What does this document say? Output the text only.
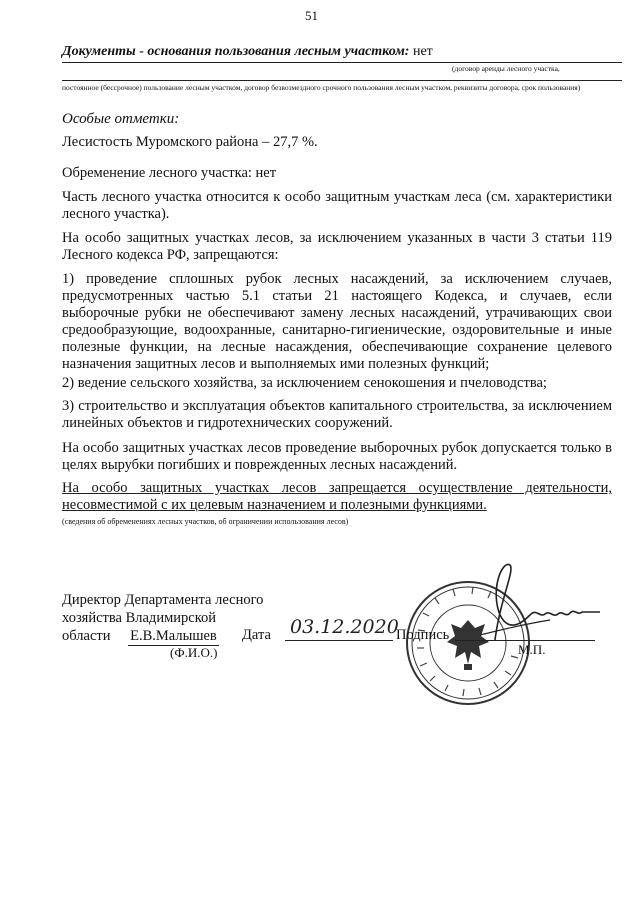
51
Документы - основания пользования лесным участком: нет
(договор аренды лесного участка,
постоянное (бессрочное) пользование лесным участком, договор безвозмездного срочного пользования лесным участком, реквизиты договора, срок пользования)
Особые отметки:
Лесистость Муромского района – 27,7 %.
Обременение лесного участка: нет
Часть лесного участка относится к особо защитным участкам леса (см. характеристики лесного участка).
На особо защитных участках лесов, за исключением указанных в части 3 статьи 119 Лесного кодекса РФ, запрещаются:
1) проведение сплошных рубок лесных насаждений, за исключением случаев, предусмотренных частью 5.1 статьи 21 настоящего Кодекса, и случаев, если выборочные рубки не обеспечивают замену лесных насаждений, утрачивающих свои средообразующие, водоохранные, санитарно-гигиенические, оздоровительные и иные полезные функции, на лесные насаждения, обеспечивающие сохранение целевого назначения защитных лесов и выполняемых ими полезных функций;
2) ведение сельского хозяйства, за исключением сенокошения и пчеловодства;
3) строительство и эксплуатация объектов капитального строительства, за исключением линейных объектов и гидротехнических сооружений.
На особо защитных участках лесов проведение выборочных рубок допускается только в целях вырубки погибших и поврежденных лесных насаждений.
На особо защитных участках лесов запрещается осуществление деятельности, несовместимой с их целевым назначением и полезными функциями.
(сведения об обременениях лесных участков, об ограничении использования лесов)
Директор Департамента лесного
хозяйства Владимирской
области Е.В.Малышев
(Ф.И.О.)
Дата 03.12.2020
Подпись
М.П.
